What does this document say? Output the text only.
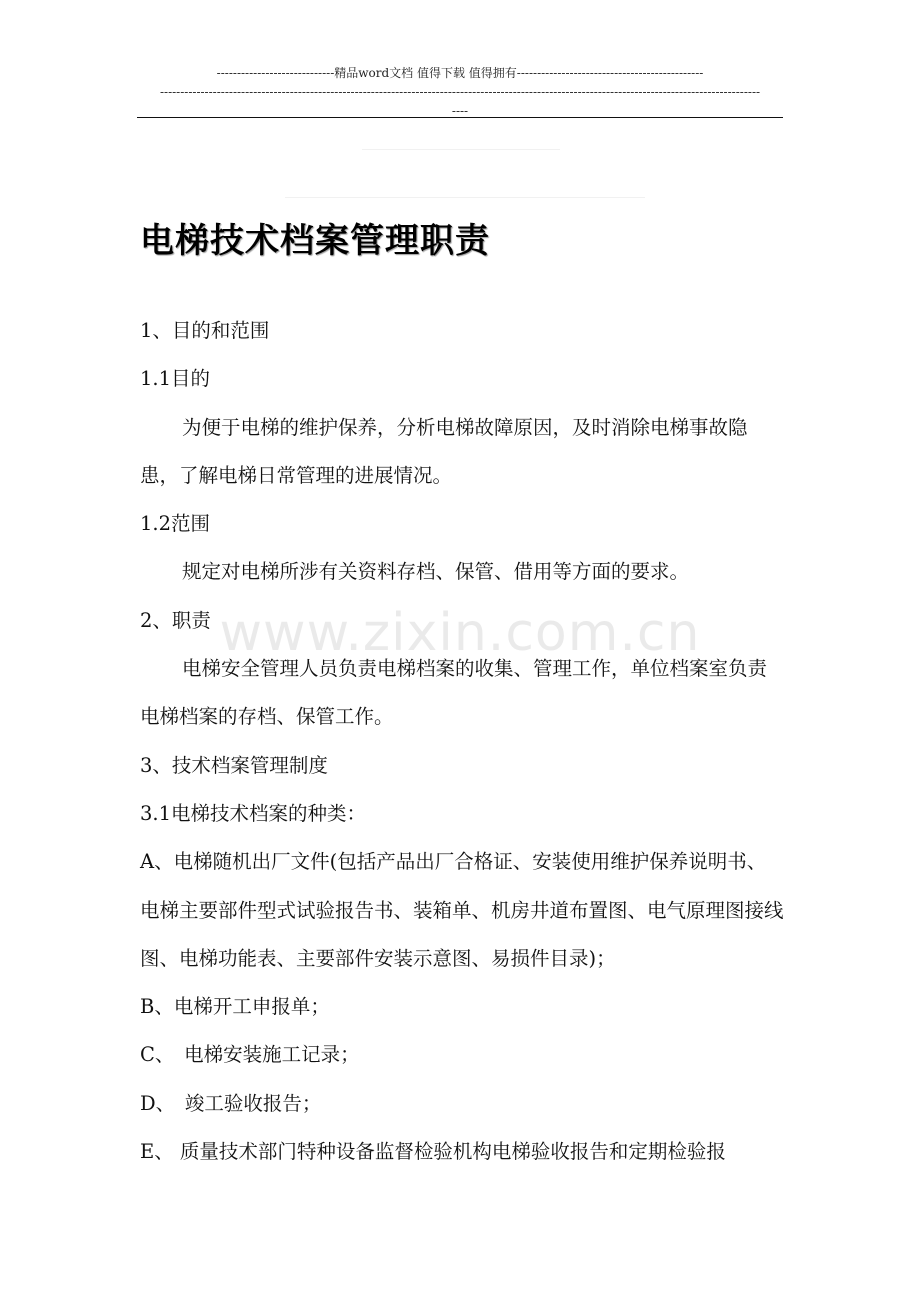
-----------------------------精品word文档 值得下载 值得拥有----------------------------------------------
----------------------------------------------------------------------------------------------------------------------------------------------------
----
电梯技术档案管理职责

1、目的和范围

1.1目的

为便于电梯的维护保养，分析电梯故障原因，及时消除电梯事故隐患，了解电梯日常管理的进展情况。

1.2范围

规定对电梯所涉有关资料存档、保管、借用等方面的要求。

2、职责

电梯安全管理人员负责电梯档案的收集、管理工作，单位档案室负责电梯档案的存档、保管工作。

3、技术档案管理制度

3.1电梯技术档案的种类：

A、电梯随机出厂文件(包括产品出厂合格证、安装使用维护保养说明书、电梯主要部件型式试验报告书、装箱单、机房井道布置图、电气原理图接线图、电梯功能表、主要部件安装示意图、易损件目录)；

B、电梯开工申报单；

C、　电梯安装施工记录；

D、　竣工验收报告；

E、 质量技术部门特种设备监督检验机构电梯验收报告和定期检验报

www.zixin.com.cn
